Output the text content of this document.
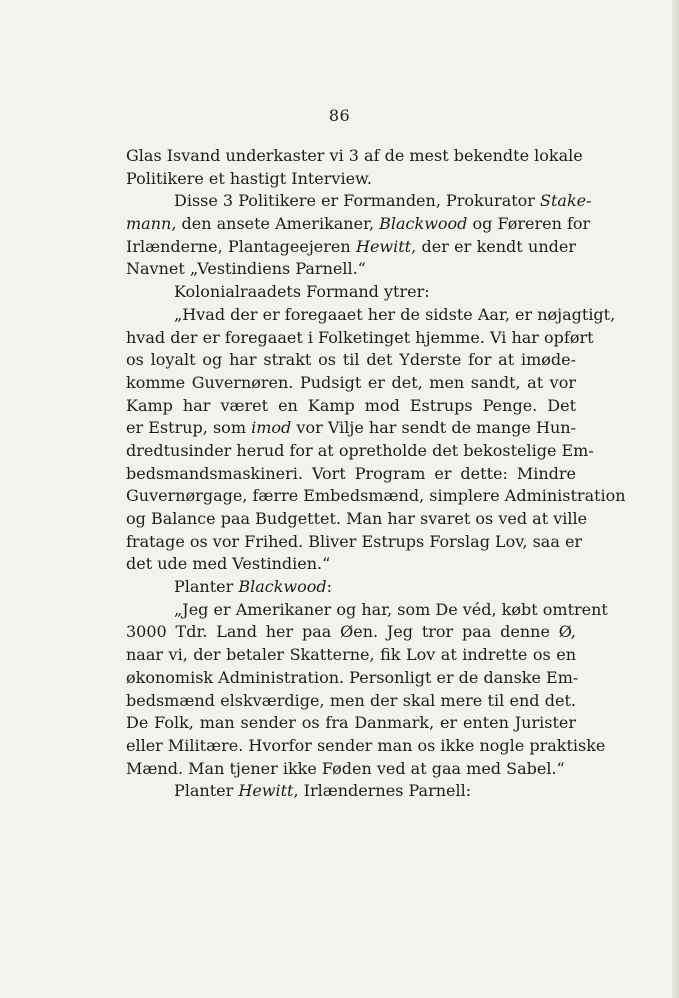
86
Glas Isvand underkaster vi 3 af de mest bekendte lokale
Politikere et hastigt Interview.
Disse 3 Politikere er Formanden, Prokurator Stake-
mann, den ansete Amerikaner, Blackwood og Føreren for
Irlænderne, Plantageejeren Hewitt, der er kendt under
Navnet „Vestindiens Parnell.“
Kolonialraadets Formand ytrer:
„Hvad der er foregaaet her de sidste Aar, er nøjagtigt,
hvad der er foregaaet i Folketinget hjemme. Vi har opført
os loyalt og har strakt os til det Yderste for at imøde-
komme Guvernøren. Pudsigt er det, men sandt, at vor
Kamp har været en Kamp mod Estrups Penge. Det
er Estrup, som imod vor Vilje har sendt de mange Hun-
dredtusinder herud for at opretholde det bekostelige Em-
bedsmandsmaskineri. Vort Program er dette: Mindre
Guvernørgage, færre Embedsmænd, simplere Administration
og Balance paa Budgettet. Man har svaret os ved at ville
fratage os vor Frihed. Bliver Estrups Forslag Lov, saa er
det ude med Vestindien.“
Planter Blackwood:
„Jeg er Amerikaner og har, som De véd, købt omtrent
3000 Tdr. Land her paa Øen. Jeg tror paa denne Ø,
naar vi, der betaler Skatterne, fik Lov at indrette os en
økonomisk Administration. Personligt er de danske Em-
bedsmænd elskværdige, men der skal mere til end det.
De Folk, man sender os fra Danmark, er enten Jurister
eller Militære. Hvorfor sender man os ikke nogle praktiske
Mænd. Man tjener ikke Føden ved at gaa med Sabel.“
Planter Hewitt, Irlændernes Parnell:
